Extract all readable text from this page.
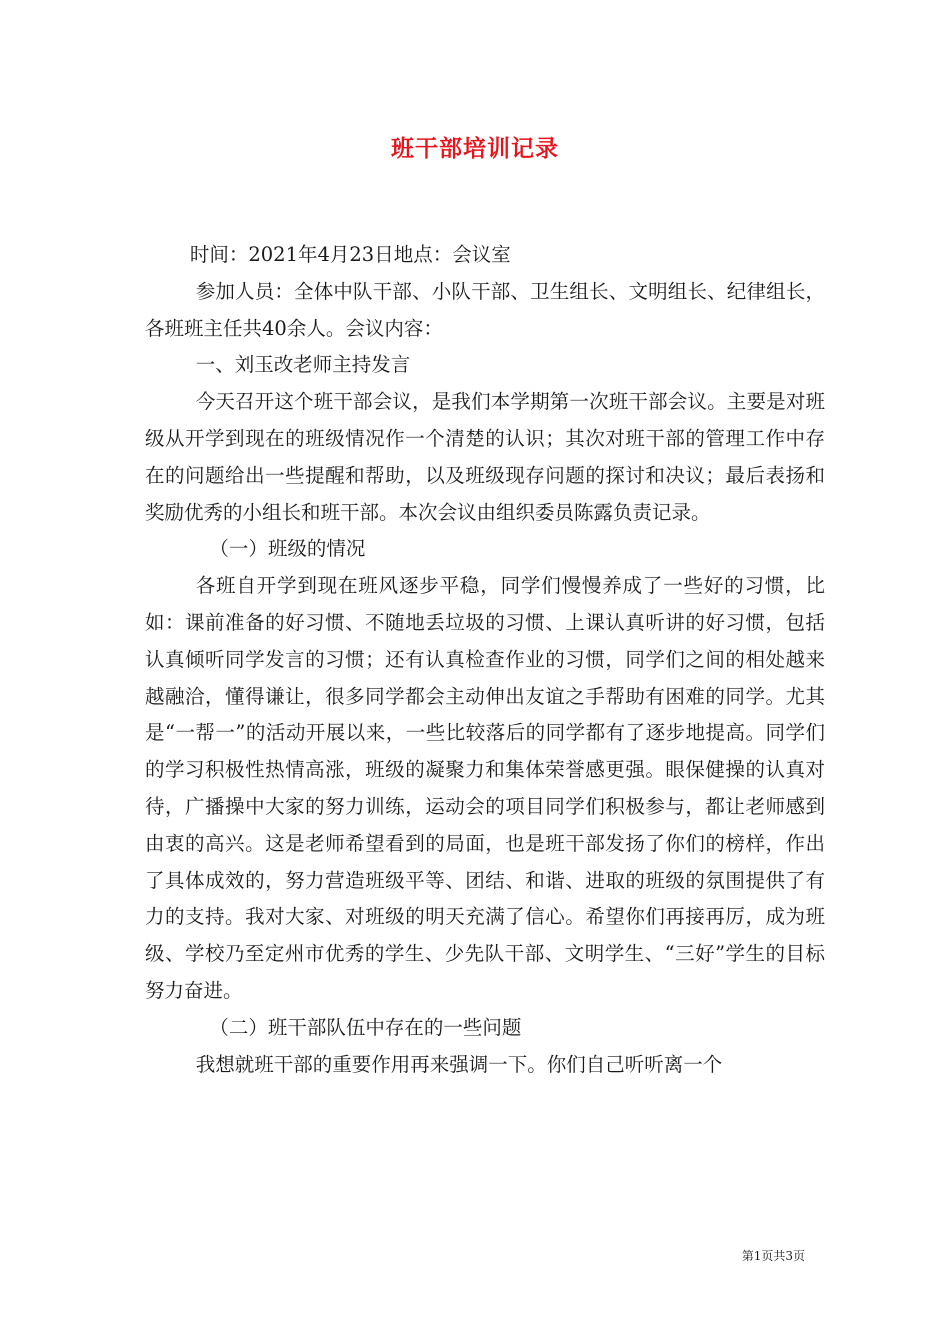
班干部培训记录

时间：2021年4月23日地点：会议室

参加人员：全体中队干部、小队干部、卫生组长、文明组长、纪律组长，各班班主任共40余人。会议内容：

一、刘玉改老师主持发言

今天召开这个班干部会议，是我们本学期第一次班干部会议。主要是对班级从开学到现在的班级情况作一个清楚的认识；其次对班干部的管理工作中存在的问题给出一些提醒和帮助，以及班级现存问题的探讨和决议；最后表扬和奖励优秀的小组长和班干部。本次会议由组织委员陈露负责记录。

（一）班级的情况

各班自开学到现在班风逐步平稳，同学们慢慢养成了一些好的习惯，比如：课前准备的好习惯、不随地丢垃圾的习惯、上课认真听讲的好习惯，包括认真倾听同学发言的习惯；还有认真检查作业的习惯，同学们之间的相处越来越融洽，懂得谦让，很多同学都会主动伸出友谊之手帮助有困难的同学。尤其是“一帮一”的活动开展以来，一些比较落后的同学都有了逐步地提高。同学们的学习积极性热情高涨，班级的凝聚力和集体荣誉感更强。眼保健操的认真对待，广播操中大家的努力训练，运动会的项目同学们积极参与，都让老师感到由衷的高兴。这是老师希望看到的局面，也是班干部发扬了你们的榜样，作出了具体成效的，努力营造班级平等、团结、和谐、进取的班级的氛围提供了有力的支持。我对大家、对班级的明天充满了信心。希望你们再接再厉，成为班级、学校乃至定州市优秀的学生、少先队干部、文明学生、“三好”学生的目标努力奋进。

（二）班干部队伍中存在的一些问题

我想就班干部的重要作用再来强调一下。你们自己听听离一个

第1页共3页
